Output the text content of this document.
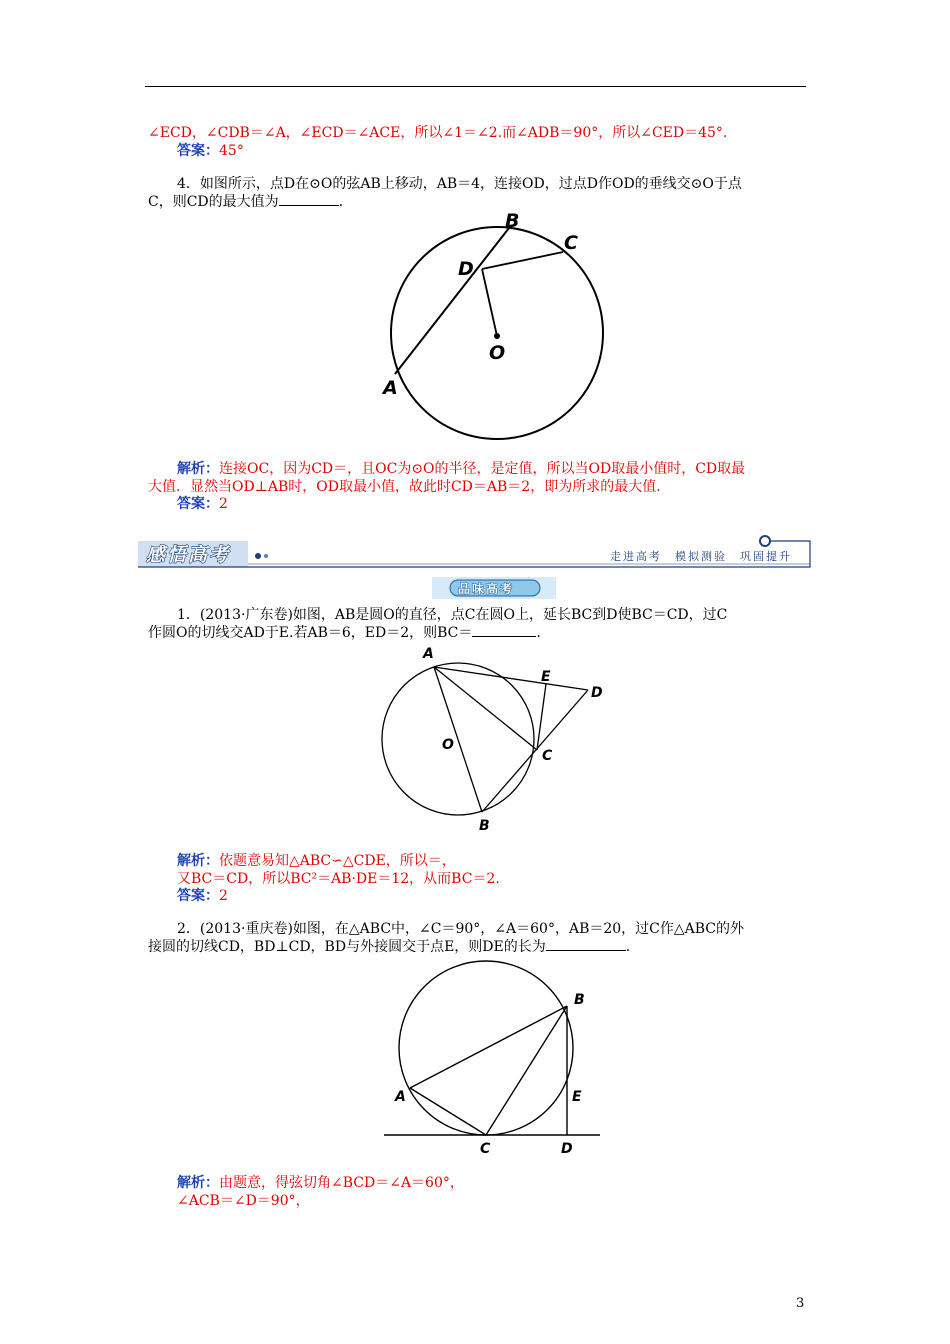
∠ECD，∠CDB＝∠A，∠ECD＝∠ACE，所以∠1＝∠2.而∠ADB＝90°，所以∠CED＝45°.
答案：45°
4．如图所示，点D在⊙O的弦AB上移动，AB＝4，连接OD，过点D作OD的垂线交⊙O于点
C，则CD的最大值为	.
B
C
D
O
A
感悟高考	走进高考　模拟测验　巩固提升
品味高考
A
E
D
O
C
B
B
A	E
C	D
解析：连接OC，因为CD＝，且OC为⊙O的半径，是定值，所以当OD取最小值时，CD取最
大值．显然当OD⊥AB时，OD取最小值，故此时CD＝AB＝2，即为所求的最大值.
答案：2
1．(2013·广东卷)如图，AB是圆O的直径，点C在圆O上，延长BC到D使BC＝CD，过C
作圆O的切线交AD于E.若AB＝6，ED＝2，则BC＝	.
解析：依题意易知△ABC∽△CDE，所以＝，
又BC＝CD，所以BC²＝AB·DE＝12，从而BC＝2.
答案：2
2．(2013·重庆卷)如图，在△ABC中，∠C＝90°，∠A＝60°，AB＝20，过C作△ABC的外
接圆的切线CD，BD⊥CD，BD与外接圆交于点E，则DE的长为	.
解析：由题意，得弦切角∠BCD＝∠A＝60°，
∠ACB＝∠D＝90°，
3
